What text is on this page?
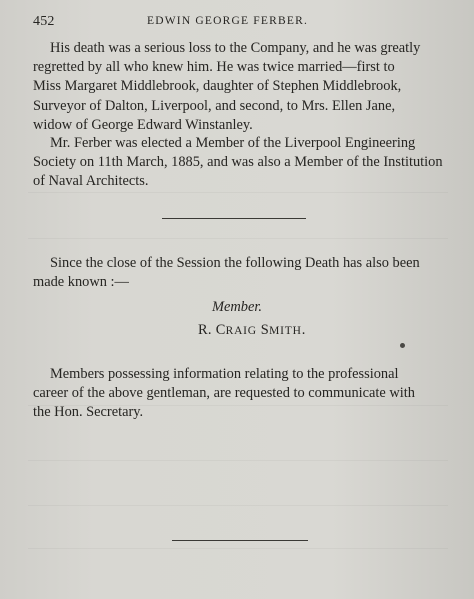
452	EDWIN GEORGE FERBER.

His death was a serious loss to the Company, and he was greatly
regretted by all who knew him. He was twice married—first to
Miss Margaret Middlebrook, daughter of Stephen Middlebrook,
Surveyor of Dalton, Liverpool, and second, to Mrs. Ellen Jane,
widow of George Edward Winstanley.

Mr. Ferber was elected a Member of the Liverpool Engineering
Society on 11th March, 1885, and was also a Member of the Institution
of Naval Architects.

Since the close of the Session the following Death has also been
made known :—

Member.
R. CRAIG SMITH.

Members possessing information relating to the professional
career of the above gentleman, are requested to communicate with
the Hon. Secretary.
